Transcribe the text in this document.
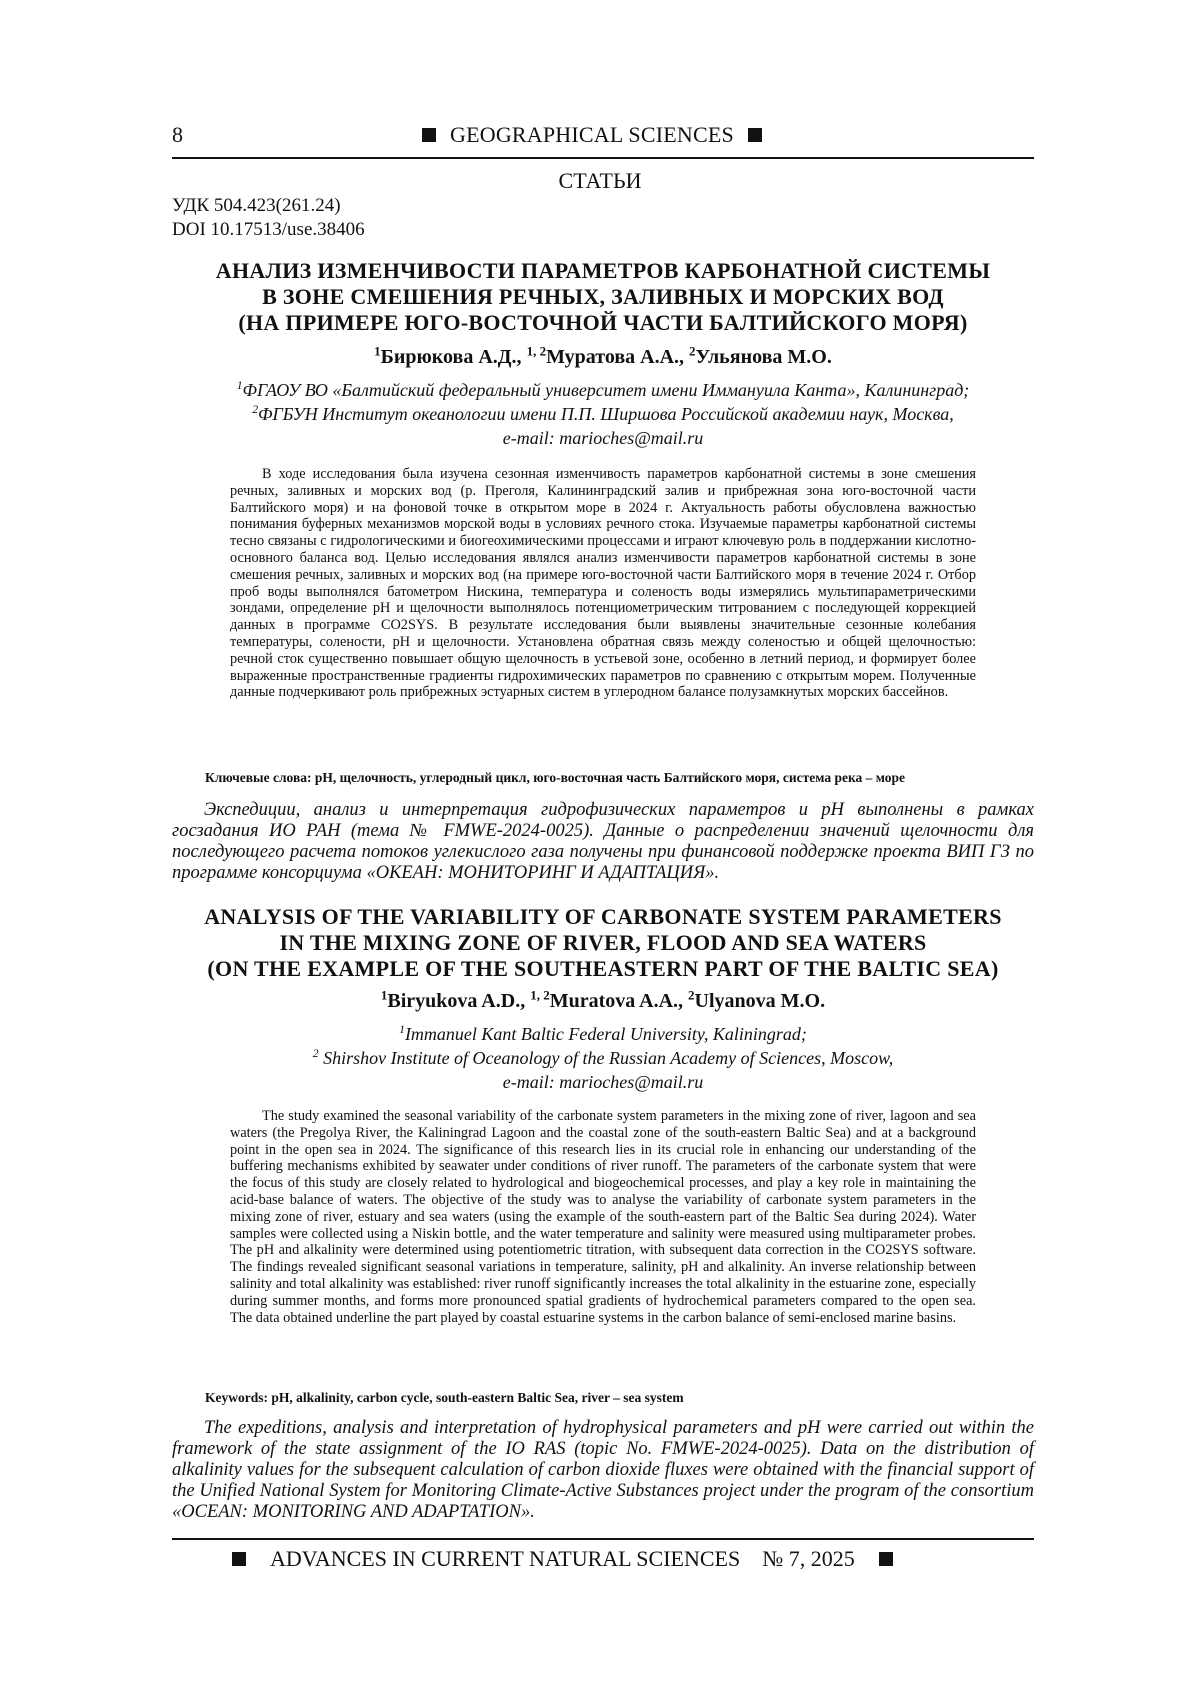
8	GEOGRAPHICAL SCIENCES
СТАТЬИ
УДК 504.423(261.24)
DOI 10.17513/use.38406
АНАЛИЗ ИЗМЕНЧИВОСТИ ПАРАМЕТРОВ КАРБОНАТНОЙ СИСТЕМЫ
В ЗОНЕ СМЕШЕНИЯ РЕЧНЫХ, ЗАЛИВНЫХ И МОРСКИХ ВОД
(НА ПРИМЕРЕ ЮГО-ВОСТОЧНОЙ ЧАСТИ БАЛТИЙСКОГО МОРЯ)
$^1$Бирюкова А.Д., $^{1, 2}$Муратова А.А., $^2$Ульянова М.О.
$^1$ФГАОУ ВО «Балтийский федеральный университет имени Иммануила Канта», Калининград;
$^2$ФГБУН Институт океанологии имени П.П. Ширшова Российской академии наук, Москва,
e-mail: marioches@mail.ru

В ходе исследования была изучена сезонная изменчивость параметров карбонатной системы в зоне смешения речных, заливных и морских вод (р. Преголя, Калининградский залив и прибрежная зона юго-восточной части Балтийского моря) и на фоновой точке в открытом море в 2024 г. Актуальность работы обусловлена важностью понимания буферных механизмов морской воды в условиях речного стока. Изучаемые параметры карбонатной системы тесно связаны с гидрологическими и биогеохимическими процессами и играют ключевую роль в поддержании кислотно-основного баланса вод. Целью исследования являлся анализ изменчивости параметров карбонатной системы в зоне смешения речных, заливных и морских вод (на примере юго-восточной части Балтийского моря в течение 2024 г. Отбор проб воды выполнялся батометром Нискина, температура и соленость воды измерялись мультипараметрическими зондами, определение pH и щелочности выполнялось потенциометрическим титрованием с последующей коррекцией данных в программе CO2SYS. В результате исследования были выявлены значительные сезонные колебания температуры, солености, pH и щелочности. Установлена обратная связь между соленостью и общей щелочностью: речной сток существенно повышает общую щелочность в устьевой зоне, особенно в летний период, и формирует более выраженные пространственные градиенты гидрохимических параметров по сравнению с открытым морем. Полученные данные подчеркивают роль прибрежных эстуарных систем в углеродном балансе полузамкнутых морских бассейнов.

Ключевые слова: pH, щелочность, углеродный цикл, юго-восточная часть Балтийского моря, система река – море

Экспедиции, анализ и интерпретация гидрофизических параметров и pH выполнены в рамках госзадания ИО РАН (тема № FMWE-2024-0025). Данные о распределении значений щелочности для последующего расчета потоков углекислого газа получены при финансовой поддержке проекта ВИП ГЗ по программе консорциума «ОКЕАН: МОНИТОРИНГ И АДАПТАЦИЯ».

ANALYSIS OF THE VARIABILITY OF CARBONATE SYSTEM PARAMETERS
IN THE MIXING ZONE OF RIVER, FLOOD AND SEA WATERS
(ON THE EXAMPLE OF THE SOUTHEASTERN PART OF THE BALTIC SEA)
$^1$Biryukova A.D., $^{1, 2}$Muratova A.A., $^2$Ulyanova M.O.
$^1$Immanuel Kant Baltic Federal University, Kaliningrad;
$^2$ Shirshov Institute of Oceanology of the Russian Academy of Sciences, Moscow,
e-mail: marioches@mail.ru

The study examined the seasonal variability of the carbonate system parameters in the mixing zone of river, lagoon and sea waters (the Pregolya River, the Kaliningrad Lagoon and the coastal zone of the south-eastern Baltic Sea) and at a background point in the open sea in 2024. The significance of this research lies in its crucial role in enhancing our understanding of the buffering mechanisms exhibited by seawater under conditions of river runoff. The parameters of the carbonate system that were the focus of this study are closely related to hydrological and biogeochemical processes, and play a key role in maintaining the acid-base balance of waters. The objective of the study was to analyse the variability of carbonate system parameters in the mixing zone of river, estuary and sea waters (using the example of the south-eastern part of the Baltic Sea during 2024). Water samples were collected using a Niskin bottle, and the water temperature and salinity were measured using multiparameter probes. The pH and alkalinity were determined using potentiometric titration, with subsequent data correction in the CO2SYS software. The findings revealed significant seasonal variations in temperature, salinity, pH and alkalinity. An inverse relationship between salinity and total alkalinity was established: river runoff significantly increases the total alkalinity in the estuarine zone, especially during summer months, and forms more pronounced spatial gradients of hydrochemical parameters compared to the open sea. The data obtained underline the part played by coastal estuarine systems in the carbon balance of semi-enclosed marine basins.

Keywords: pH, alkalinity, carbon cycle, south-eastern Baltic Sea, river – sea system

The expeditions, analysis and interpretation of hydrophysical parameters and pH were carried out within the framework of the state assignment of the IO RAS (topic No. FMWE-2024-0025). Data on the distribution of alkalinity values for the subsequent calculation of carbon dioxide fluxes were obtained with the financial support of the Unified National System for Monitoring Climate-Active Substances project under the program of the consortium «OCEAN: MONITORING AND ADAPTATION».

ADVANCES IN CURRENT NATURAL SCIENCES № 7, 2025
